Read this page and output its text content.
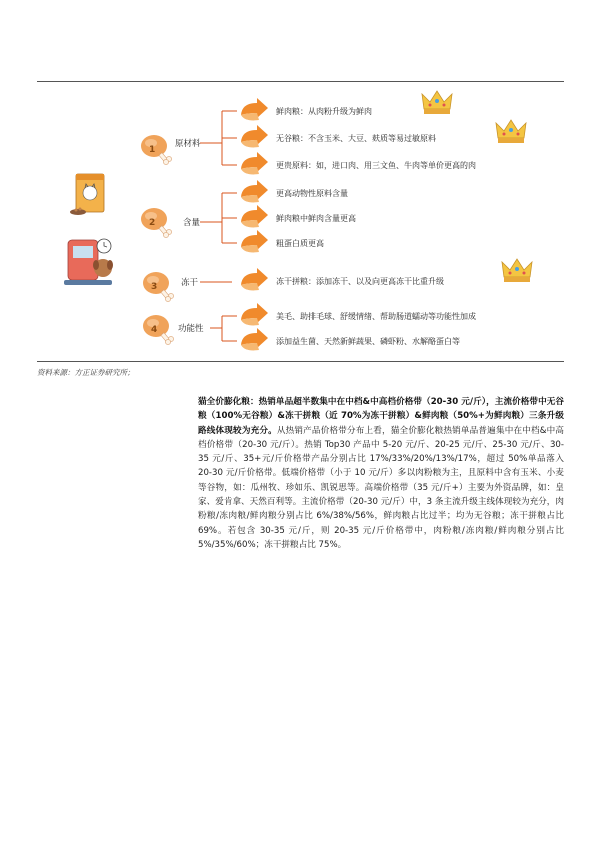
1
2
3
4
原材料
含量
冻干
功能性
鲜肉粮：从肉粉升级为鲜肉
无谷粮：不含玉米、大豆、麸质等易过敏原料
更贵原料：如，进口肉、用三文鱼、牛肉等单价更高的肉
更高动物性原料含量
鲜肉粮中鲜肉含量更高
粗蛋白质更高
冻干拼粮：添加冻干、以及向更高冻干比重升级
美毛、助排毛球、舒缓情绪、帮助肠道蠕动等功能性加成
添加益生菌、天然新鲜蔬果、磷虾粉、水解酪蛋白等
资料来源：方正证券研究所；
猫全价膨化粮：热销单品超半数集中在中档&中高档价格带（20-30 元/斤），主流价格带中无谷粮（100%无谷粮）&冻干拼粮（近 70%为冻干拼粮）&鲜肉粮（50%+为鲜肉粮）三条升级路线体现较为充分。从热销产品价格带分布上看，猫全价膨化粮热销单品普遍集中在中档&中高档价格带（20-30 元/斤）。热销 Top30 产品中 5-20 元/斤、20-25 元/斤、25-30 元/斤、30-35 元/斤、35+元/斤价格带产品分别占比 17%/33%/20%/13%/17%，超过 50%单品落入 20-30 元/斤价格带。低端价格带（小于 10 元/斤）多以肉粉粮为主，且原料中含有玉米、小麦等谷物，如：瓜州牧、珍如乐、凯锐思等。高端价格带（35 元/斤+）主要为外资品牌，如：皇家、爱肯拿、天然百利等。主流价格带（20-30 元/斤）中，3 条主流升级主线体现较为充分，肉粉粮/冻肉粮/鲜肉粮分别占比 6%/38%/56%，鲜肉粮占比过半；均为无谷粮；冻干拼粮占比 69%。若包含 30-35 元/斤，则 20-35 元/斤价格带中，肉粉粮/冻肉粮/鲜肉粮分别占比 5%/35%/60%；冻干拼粮占比 75%。
